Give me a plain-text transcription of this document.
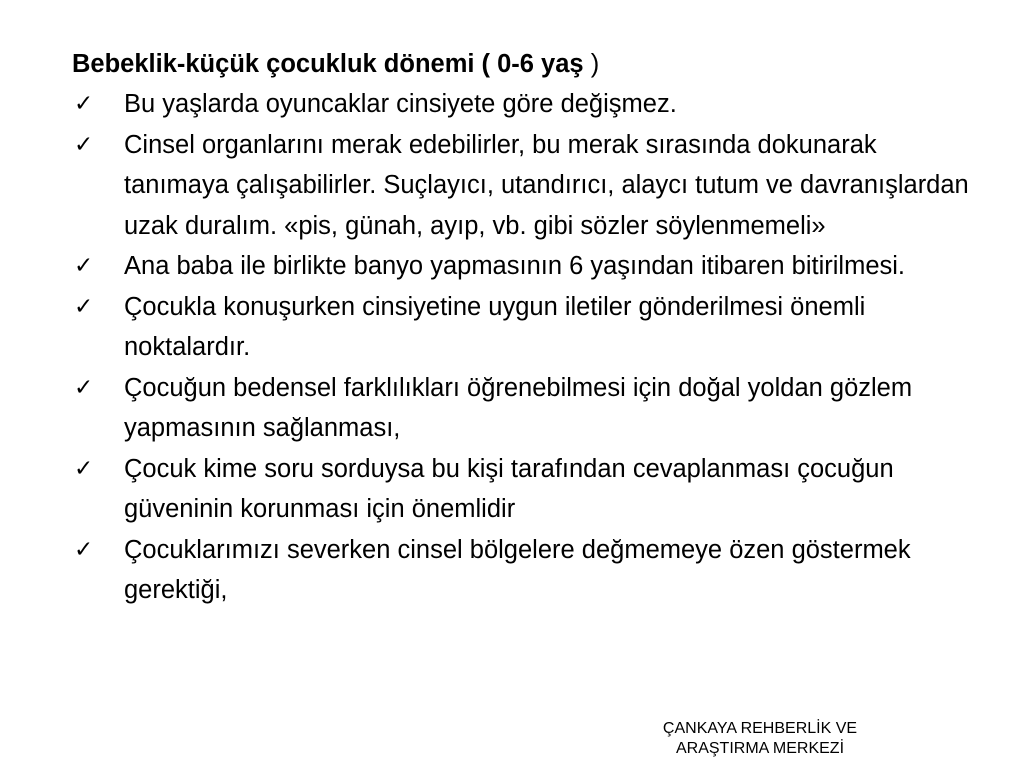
Bebeklik-küçük çocukluk dönemi ( 0-6 yaş )

✓ Bu yaşlarda oyuncaklar cinsiyete göre değişmez.
✓ Cinsel organlarını merak edebilirler, bu merak sırasında dokunarak tanımaya çalışabilirler. Suçlayıcı, utandırıcı, alaycı tutum ve davranışlardan uzak duralım. «pis, günah, ayıp, vb. gibi sözler söylenmemeli»
✓ Ana baba ile birlikte banyo yapmasının 6 yaşından itibaren bitirilmesi.
✓ Çocukla konuşurken cinsiyetine uygun iletiler gönderilmesi önemli noktalardır.
✓ Çocuğun bedensel farklılıkları öğrenebilmesi için doğal yoldan gözlem yapmasının sağlanması,
✓ Çocuk kime soru sorduysa bu kişi tarafından cevaplanması çocuğun güveninin korunması için önemlidir
✓ Çocuklarımızı severken cinsel bölgelere değmemeye özen göstermek gerektiği,
ÇANKAYA REHBERLİK VE
ARAŞTIRMA MERKEZİ
